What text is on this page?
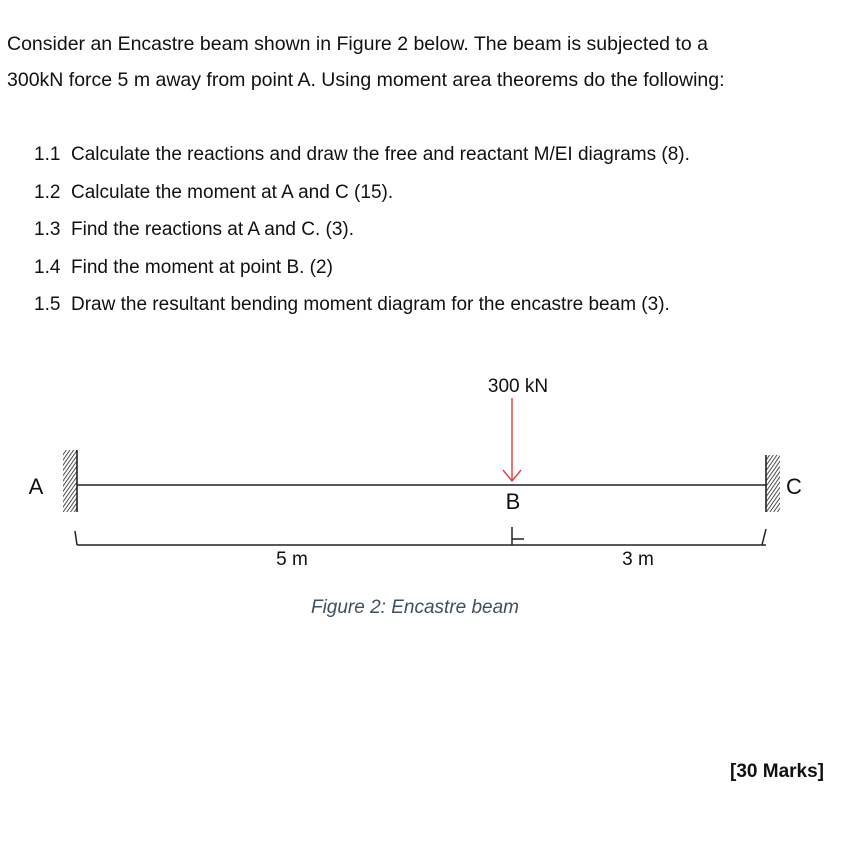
Consider an Encastre beam shown in Figure 2 below. The beam is subjected to a
300kN force 5 m away from point A. Using moment area theorems do the following:
1.1 Calculate the reactions and draw the free and reactant M/EI diagrams (8).
1.2 Calculate the moment at A and C (15).
1.3 Find the reactions at A and C. (3).
1.4 Find the moment at point B. (2)
1.5 Draw the resultant bending moment diagram for the encastre beam (3).
300 kN
A	C
B
5 m	3 m
Figure 2: Encastre beam
[30 Marks]
